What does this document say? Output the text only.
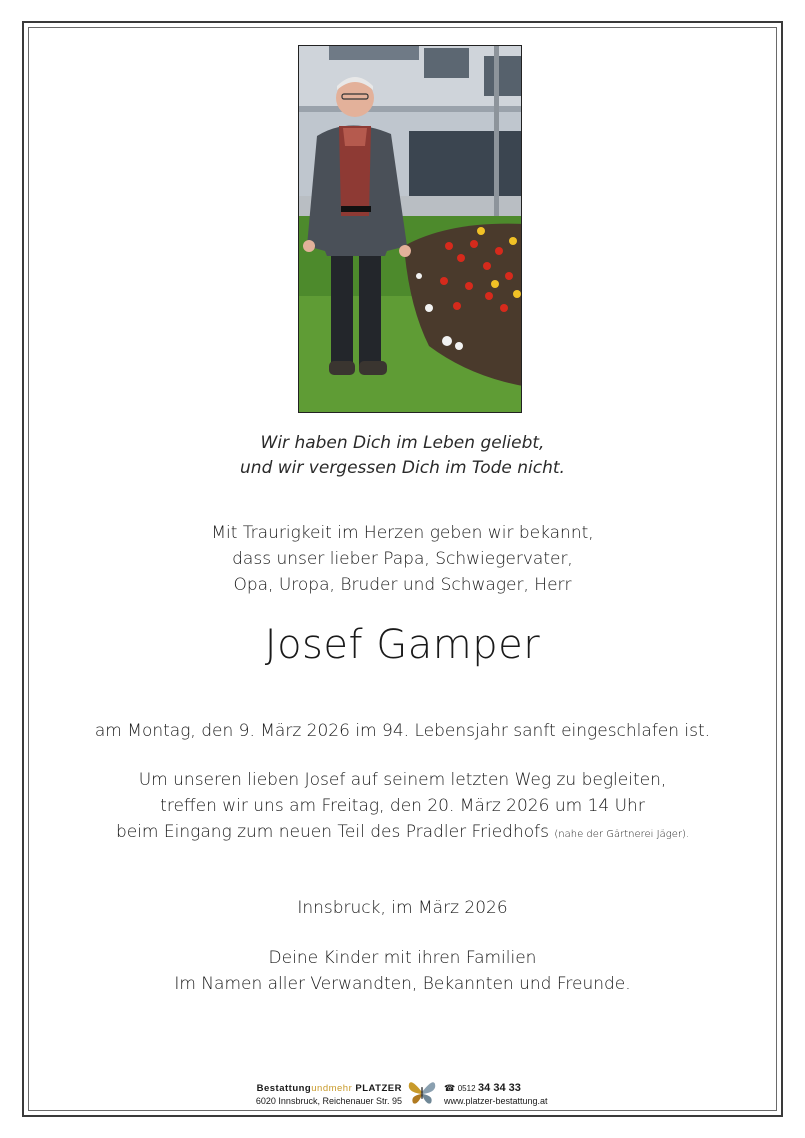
Wir haben Dich im Leben geliebt,
und wir vergessen Dich im Tode nicht.
Mit Traurigkeit im Herzen geben wir bekannt,
dass unser lieber Papa, Schwiegervater,
Opa, Uropa, Bruder und Schwager, Herr
Josef Gamper
am Montag, den 9. März 2026 im 94. Lebensjahr sanft eingeschlafen ist.
Um unseren lieben Josef auf seinem letzten Weg zu begleiten,
treffen wir uns am Freitag, den 20. März 2026 um 14 Uhr
beim Eingang zum neuen Teil des Pradler Friedhofs (nahe der Gärtnerei Jäger).
Innsbruck, im März 2026
Deine Kinder mit ihren Familien
Im Namen aller Verwandten, Bekannten und Freunde.
Bestattungundmehr PLATZER
6020 Innsbruck, Reichenauer Str. 95
☎ 0512 34 34 33
www.platzer-bestattung.at
